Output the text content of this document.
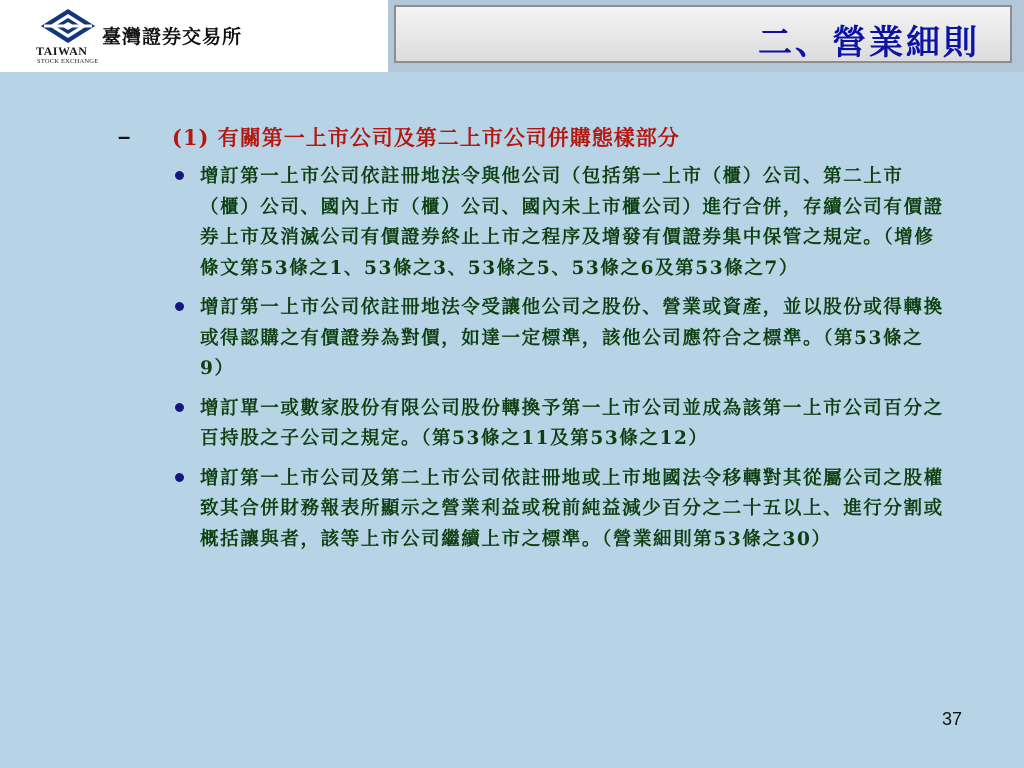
TAIWAN
STOCK EXCHANGE
臺灣證券交易所	二、營業細則
– (1) 有關第一上市公司及第二上市公司併購態樣部分
增訂第一上市公司依註冊地法令與他公司（包括第一上市（櫃）公司、第二上市（櫃）公司、國內上市（櫃）公司、國內未上市櫃公司）進行合併，存續公司有價證券上市及消滅公司有價證券終止上市之程序及增發有價證券集中保管之規定。（增修條文第53條之1、53條之3、53條之5、53條之6及第53條之7）
增訂第一上市公司依註冊地法令受讓他公司之股份、營業或資產，並以股份或得轉換或得認購之有價證券為對價，如達一定標準，該他公司應符合之標準。（第53條之9）
增訂單一或數家股份有限公司股份轉換予第一上市公司並成為該第一上市公司百分之百持股之子公司之規定。（第53條之11及第53條之12）
增訂第一上市公司及第二上市公司依註冊地或上市地國法令移轉對其從屬公司之股權致其合併財務報表所顯示之營業利益或稅前純益減少百分之二十五以上、進行分割或概括讓與者，該等上市公司繼續上市之標準。（營業細則第53條之30）
37
